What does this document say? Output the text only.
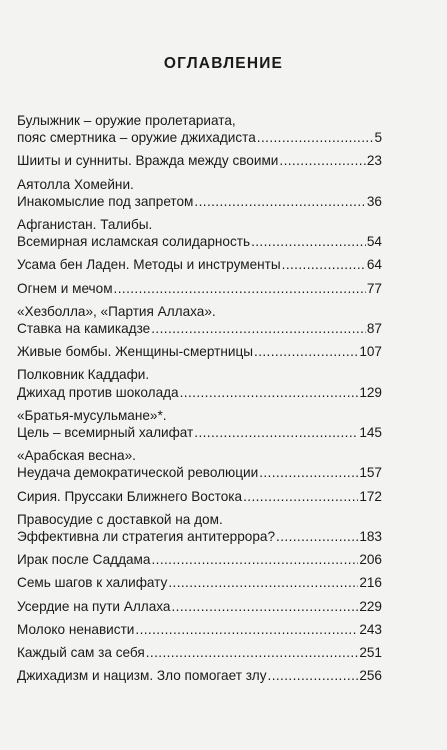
ОГЛАВЛЕНИЕ
Булыжник – оружие пролетариата,
пояс смертника – оружие джихадиста .....	5
Шииты и сунниты. Вражда между своими .....	23
Аятолла Хомейни.
Инакомыслие под запретом .....	36
Афганистан. Талибы.
Всемирная исламская солидарность .....	54
Усама бен Ладен. Методы и инструменты .....	64
Огнем и мечом .....	77
«Хезболла», «Партия Аллаха».
Ставка на камикадзе .....	87
Живые бомбы. Женщины-смертницы .....	107
Полковник Каддафи.
Джихад против шоколада .....	129
«Братья-мусульмане»*.
Цель – всемирный халифат .....	145
«Арабская весна».
Неудача демократической революции .....	157
Сирия. Пруссаки Ближнего Востока .....	172
Правосудие с доставкой на дом.
Эффективна ли стратегия антитеррора? .....	183
Ирак после Саддама .....	206
Семь шагов к халифату .....	216
Усердие на пути Аллаха .....	229
Молоко ненависти .....	243
Каждый сам за себя .....	251
Джихадизм и нацизм. Зло помогает злу .....	256
